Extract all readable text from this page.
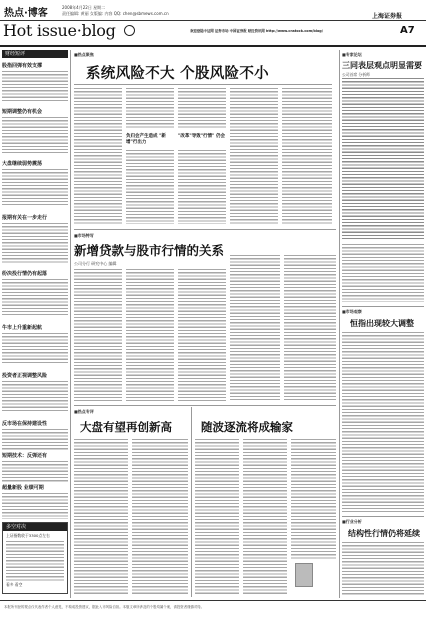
热点·博客
2008年4月22日 星期二
责任编辑: 黄丽 女版编: 内容 QQ: chen@sbmews.com.cn	上海证券报
Hot issue·blog	欢迎登陆中证网 证券市场 中国证券报 财经资讯网 http://www.cnstock.com/blog/	A7
财经短评
股指回弹有效支撑
短期调整仍有机会
大盘继续弱势震荡
报期有关在一步走行
纷决投行情仍有起落
牛市上升重新起航
投资者正视调整风险
反市场在保持建设性
短期技术：反弹还有
超量新股 业绩可期
多空对决
上证指数收于3300点左右
看多 看空
■热点聚焦
系统风险不大 个股风险不小
负归会产生造成 "新增"行出力
"改革"导致"行情" 仍会
■市场特写
新增贷款与股市行情的关系
公司分行 研究中心 编辑
■热点专评
大盘有望再创新高	随波逐流将成输家
■专家论坛
三同表层观点明显需要
公司首席 分析师
■市场观察
恒指出现较大调整
■行业分析
结构性行情仍将延续
本报所刊登的观点仅代表作者个人意见，不构成投资建议，据此入市风险自担。本版文章所涉及的个股均属个案，请投资者谨慎对待。
